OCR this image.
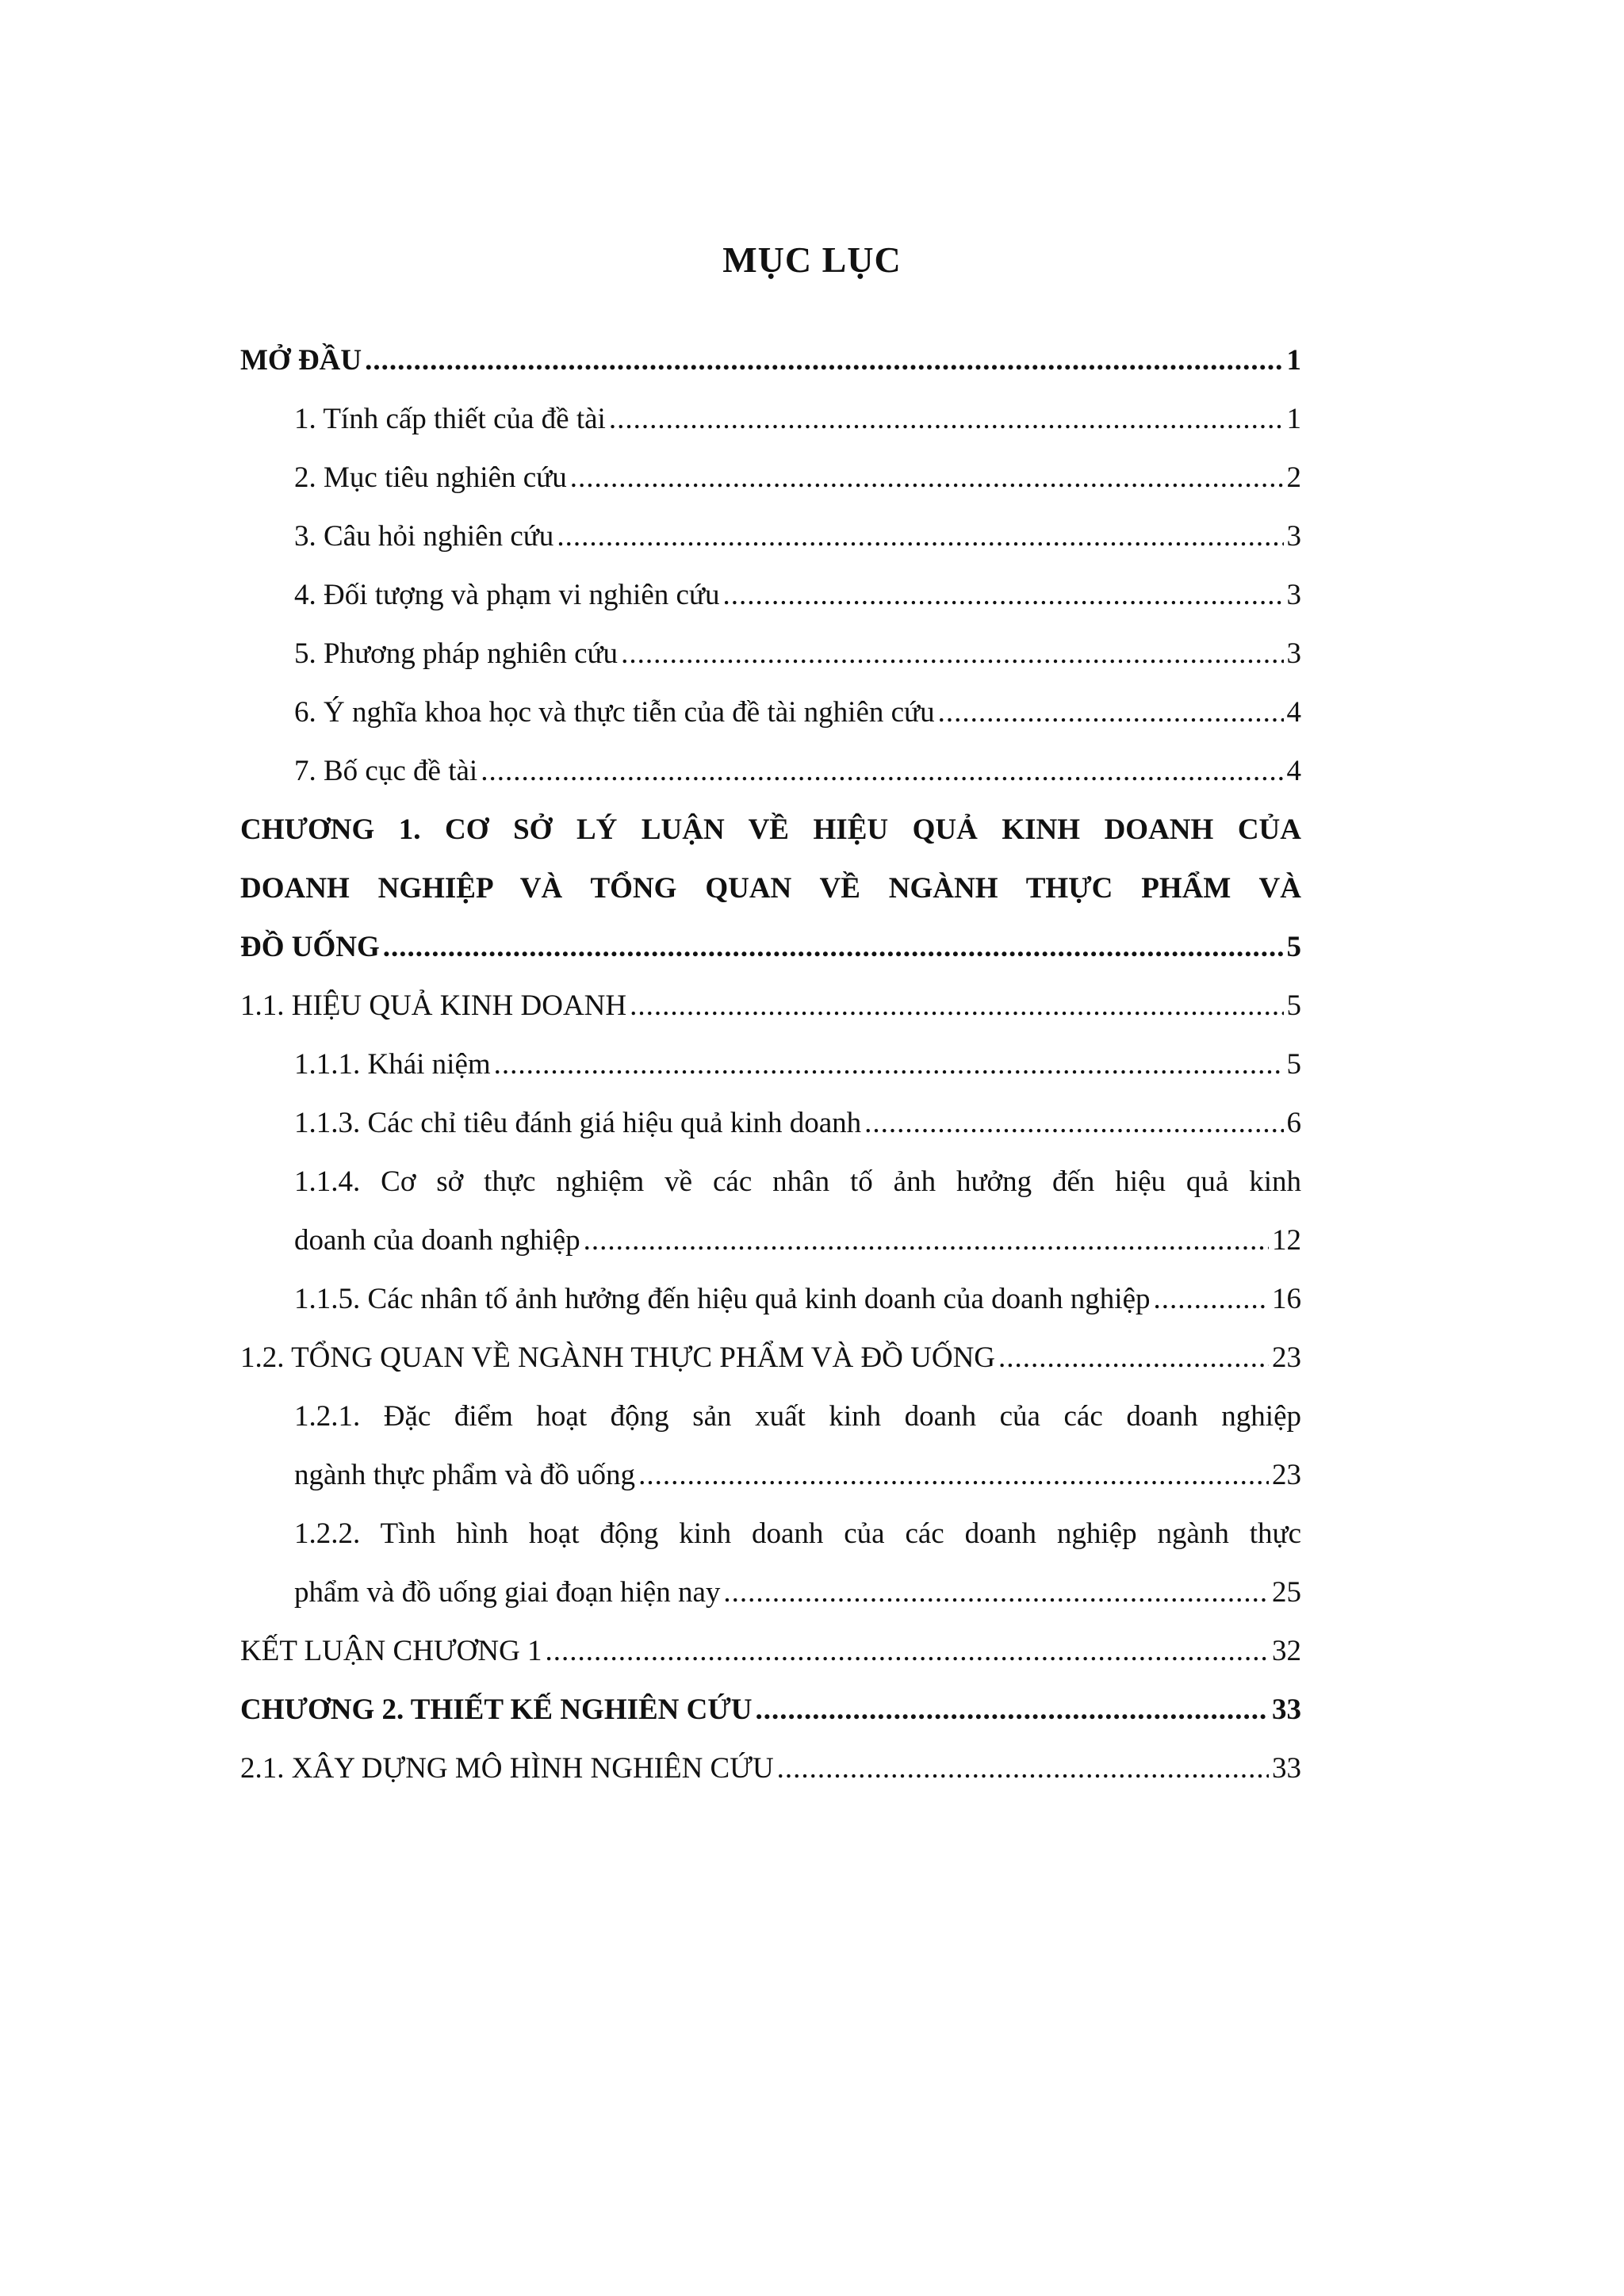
MỤC LỤC
MỞ ĐẦU .....	1
1. Tính cấp thiết của đề tài .....	1
2. Mục tiêu nghiên cứu .....	2
3. Câu hỏi nghiên cứu .....	3
4. Đối tượng và phạm vi nghiên cứu .....	3
5. Phương pháp nghiên cứu .....	3
6. Ý nghĩa khoa học và thực tiễn của đề tài nghiên cứu .....	4
7. Bố cục đề tài .....	4
CHƯƠNG 1. CƠ SỞ LÝ LUẬN VỀ HIỆU QUẢ KINH DOANH CỦA
DOANH NGHIỆP VÀ TỔNG QUAN VỀ NGÀNH THỰC PHẨM VÀ
ĐỒ UỐNG .....	5
1.1. HIỆU QUẢ KINH DOANH .....	5
1.1.1. Khái niệm .....	5
1.1.3. Các chỉ tiêu đánh giá hiệu quả kinh doanh .....	6
1.1.4. Cơ sở thực nghiệm về các nhân tố ảnh hưởng đến hiệu quả kinh
doanh của doanh nghiệp .....	12
1.1.5. Các nhân tố ảnh hưởng đến hiệu quả kinh doanh của doanh nghiệp .....	16
1.2. TỔNG QUAN VỀ NGÀNH THỰC PHẨM VÀ ĐỒ UỐNG .....	23
1.2.1. Đặc điểm hoạt động sản xuất kinh doanh của các doanh nghiệp
ngành thực phẩm và đồ uống .....	23
1.2.2. Tình hình hoạt động kinh doanh của các doanh nghiệp ngành thực
phẩm và đồ uống giai đoạn hiện nay .....	25
KẾT LUẬN CHƯƠNG 1 .....	32
CHƯƠNG 2. THIẾT KẾ NGHIÊN CỨU .....	33
2.1. XÂY DỰNG MÔ HÌNH NGHIÊN CỨU .....	33
